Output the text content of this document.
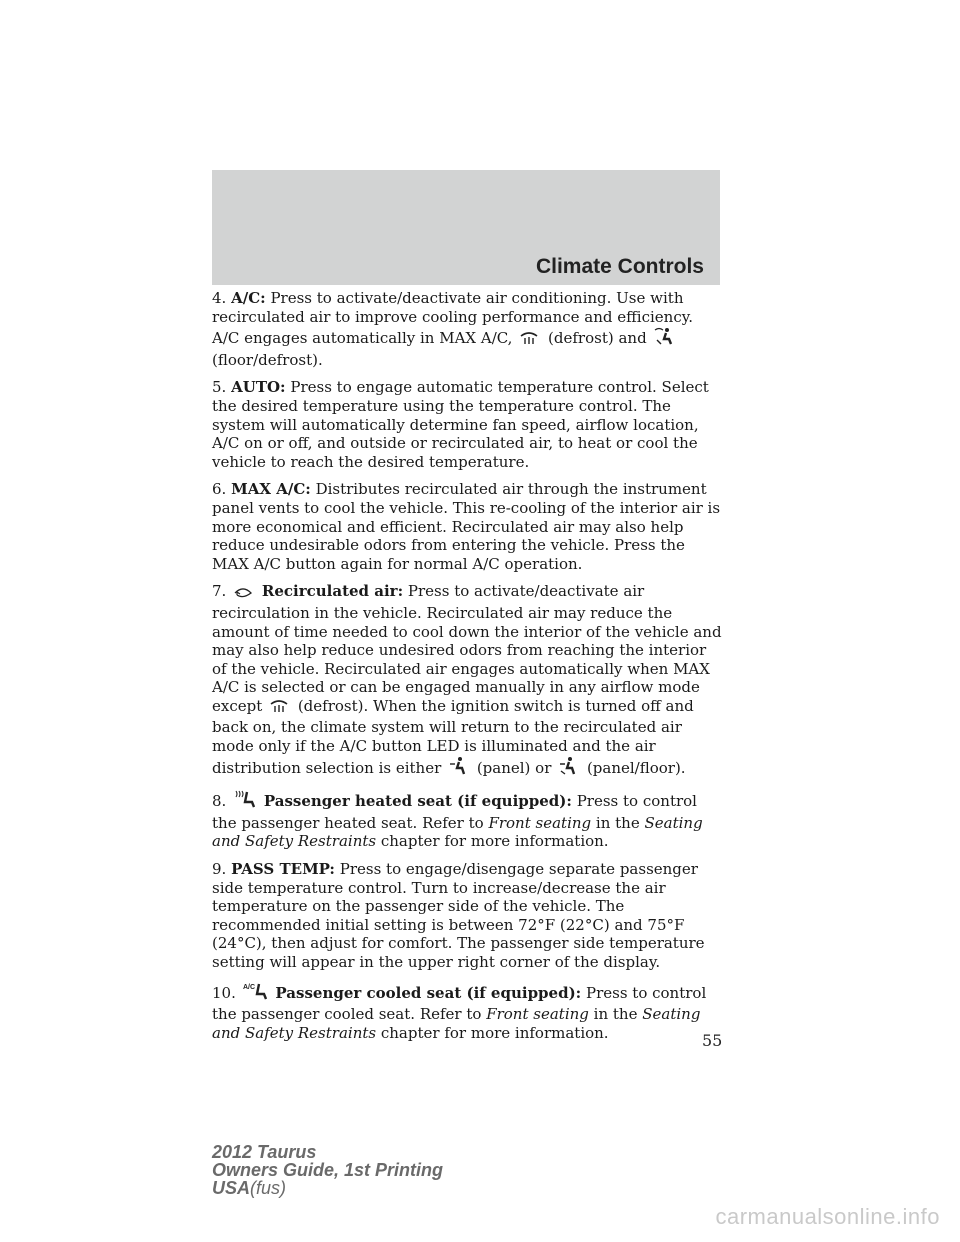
Climate Controls

4. A/C: Press to activate/deactivate air conditioning. Use with recirculated air to improve cooling performance and efficiency. A/C engages automatically in MAX A/C, (defrost) and  (floor/defrost).

5. AUTO: Press to engage automatic temperature control. Select the desired temperature using the temperature control. The system will automatically determine fan speed, airflow location, A/C on or off, and outside or recirculated air, to heat or cool the vehicle to reach the desired temperature.

6. MAX A/C: Distributes recirculated air through the instrument panel vents to cool the vehicle. This re-cooling of the interior air is more economical and efficient. Recirculated air may also help reduce undesirable odors from entering the vehicle. Press the MAX A/C button again for normal A/C operation.

7. Recirculated air: Press to activate/deactivate air recirculation in the vehicle. Recirculated air may reduce the amount of time needed to cool down the interior of the vehicle and may also help reduce undesired odors from reaching the interior of the vehicle. Recirculated air engages automatically when MAX A/C is selected or can be engaged manually in any airflow mode except (defrost). When the ignition switch is turned off and back on, the climate system will return to the recirculated air mode only if the A/C button LED is illuminated and the air distribution selection is either (panel) or (panel/floor).

8.	Passenger heated seat (if equipped): Press to control the passenger heated seat. Refer to Front seating in the Seating and Safety Restraints chapter for more information.

9. PASS TEMP: Press to engage/disengage separate passenger side temperature control. Turn to increase/decrease the air temperature on the passenger side of the vehicle. The recommended initial setting is between 72°F (22°C) and 75°F (24°C), then adjust for comfort. The passenger side temperature setting will appear in the upper right corner of the display.

10. A/C Passenger cooled seat (if equipped): Press to control the passenger cooled seat. Refer to Front seating in the Seating and Safety Restraints chapter for more information.	55
2012 Taurus
Owners Guide, 1st Printing
USA(fus)
carmanualsonline.info
